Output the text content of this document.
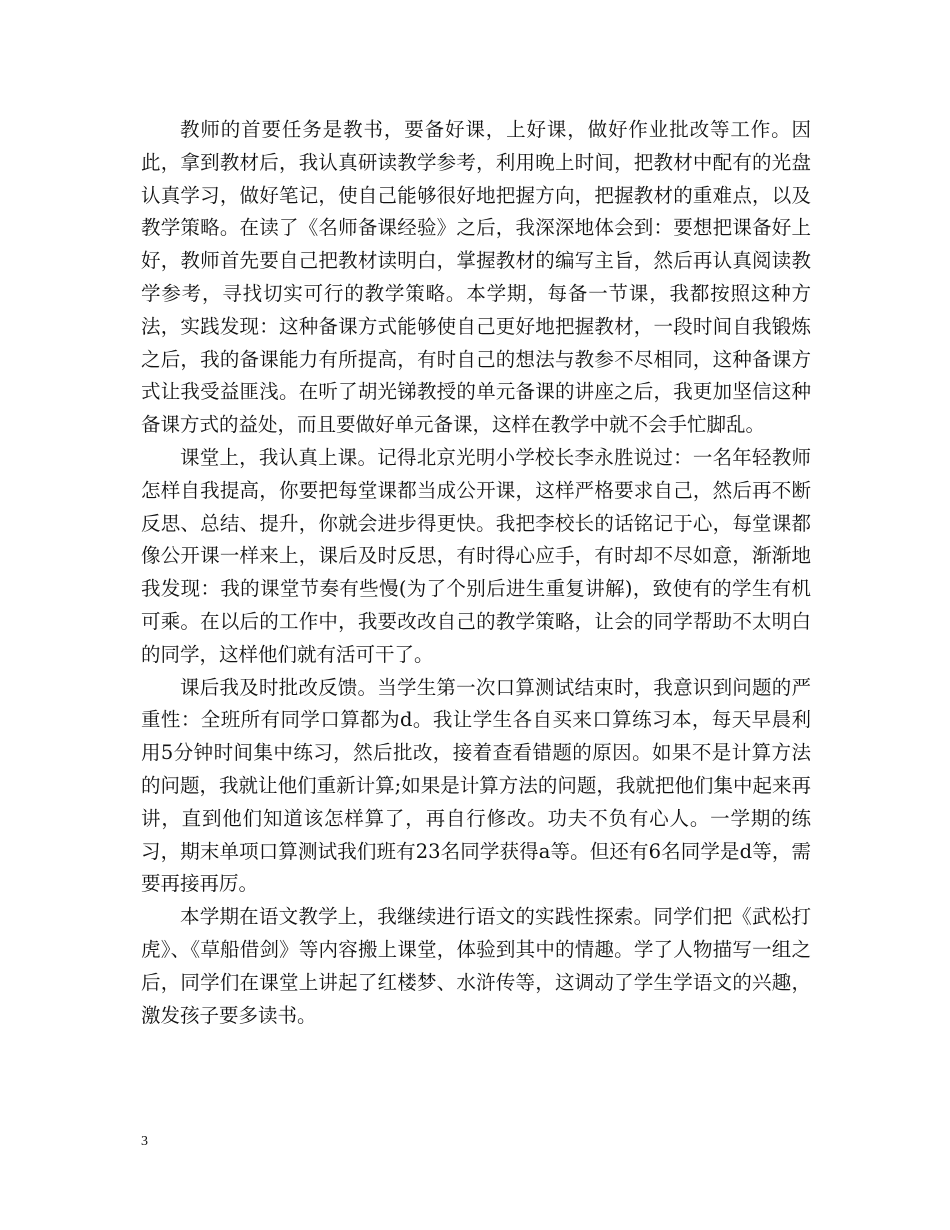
教师的首要任务是教书，要备好课，上好课，做好作业批改等工作。因此，拿到教材后，我认真研读教学参考，利用晚上时间，把教材中配有的光盘认真学习，做好笔记，使自己能够很好地把握方向，把握教材的重难点，以及教学策略。在读了《名师备课经验》之后，我深深地体会到：要想把课备好上好，教师首先要自己把教材读明白，掌握教材的编写主旨，然后再认真阅读教学参考，寻找切实可行的教学策略。本学期，每备一节课，我都按照这种方法，实践发现：这种备课方式能够使自己更好地把握教材，一段时间自我锻炼之后，我的备课能力有所提高，有时自己的想法与教参不尽相同，这种备课方式让我受益匪浅。在听了胡光锑教授的单元备课的讲座之后，我更加坚信这种备课方式的益处，而且要做好单元备课，这样在教学中就不会手忙脚乱。

课堂上，我认真上课。记得北京光明小学校长李永胜说过：一名年轻教师怎样自我提高，你要把每堂课都当成公开课，这样严格要求自己，然后再不断反思、总结、提升，你就会进步得更快。我把李校长的话铭记于心，每堂课都像公开课一样来上，课后及时反思，有时得心应手，有时却不尽如意，渐渐地我发现：我的课堂节奏有些慢(为了个别后进生重复讲解)，致使有的学生有机可乘。在以后的工作中，我要改改自己的教学策略，让会的同学帮助不太明白的同学，这样他们就有活可干了。

课后我及时批改反馈。当学生第一次口算测试结束时，我意识到问题的严重性：全班所有同学口算都为d。我让学生各自买来口算练习本，每天早晨利用5分钟时间集中练习，然后批改，接着查看错题的原因。如果不是计算方法的问题，我就让他们重新计算;如果是计算方法的问题，我就把他们集中起来再讲，直到他们知道该怎样算了，再自行修改。功夫不负有心人。一学期的练习，期末单项口算测试我们班有23名同学获得a等。但还有6名同学是d等，需要再接再厉。

本学期在语文教学上，我继续进行语文的实践性探索。同学们把《武松打虎》、《草船借剑》等内容搬上课堂，体验到其中的情趣。学了人物描写一组之后，同学们在课堂上讲起了红楼梦、水浒传等，这调动了学生学语文的兴趣，激发孩子要多读书。

3
